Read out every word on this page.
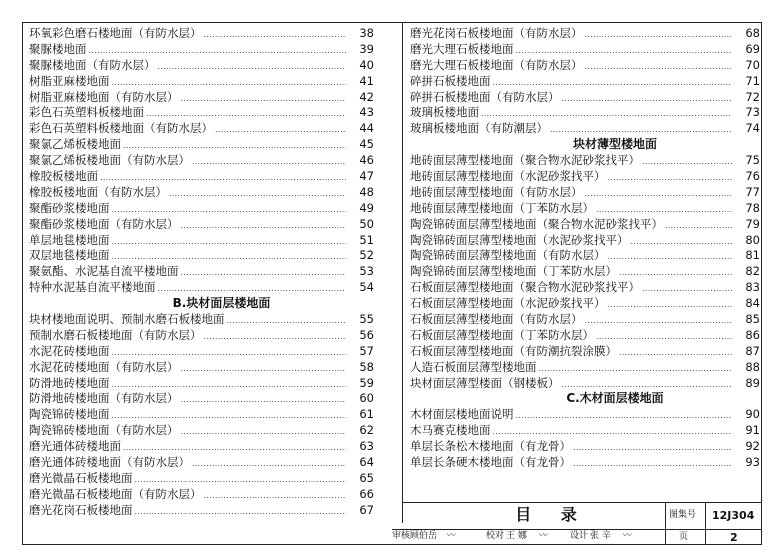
环氧彩色磨石楼地面（有防水层） .....	38
聚脲楼地面 .....	39
聚脲楼地面（有防水层） .....	40
树脂亚麻楼地面 .....	41
树脂亚麻楼地面（有防水层） .....	42
彩色石英塑料板楼地面 .....	43
彩色石英塑料板楼地面（有防水层） .....	44
聚氯乙烯板楼地面 .....	45
聚氯乙烯板楼地面（有防水层） .....	46
橡胶板楼地面 .....	47
橡胶板楼地面（有防水层） .....	48
聚酯砂浆楼地面 .....	49
聚酯砂浆楼地面（有防水层） .....	50
单层地毯楼地面 .....	51
双层地毯楼地面 .....	52
聚氨酯、水泥基自流平楼地面 .....	53
特种水泥基自流平楼地面 .....	54
B.块材面层楼地面
块材楼地面说明、预制水磨石板楼地面 .....	55
预制水磨石板楼地面（有防水层） .....	56
水泥花砖楼地面 .....	57
水泥花砖楼地面（有防水层） .....	58
防滑地砖楼地面 .....	59
防滑地砖楼地面（有防水层） .....	60
陶瓷锦砖楼地面 .....	61
陶瓷锦砖楼地面（有防水层） .....	62
磨光通体砖楼地面 .....	63
磨光通体砖楼地面（有防水层） .....	64
磨光微晶石板楼地面 .....	65
磨光微晶石板楼地面（有防水层） .....	66
磨光花岗石板楼地面 .....	67
磨光花岗石板楼地面（有防水层） .....	68
磨光大理石板楼地面 .....	69
磨光大理石板楼地面（有防水层） .....	70
碎拼石板楼地面 .....	71
碎拼石板楼地面（有防水层） .....	72
玻璃板楼地面 .....	73
玻璃板楼地面（有防潮层） .....	74
块材薄型楼地面
地砖面层薄型楼地面（聚合物水泥砂浆找平） .....	75
地砖面层薄型楼地面（水泥砂浆找平） .....	76
地砖面层薄型楼地面（有防水层） .....	77
地砖面层薄型楼地面（丁苯防水层） .....	78
陶瓷锦砖面层薄型楼地面（聚合物水泥砂浆找平） .....	79
陶瓷锦砖面层薄型楼地面（水泥砂浆找平） .....	80
陶瓷锦砖面层薄型楼地面（有防水层） .....	81
陶瓷锦砖面层薄型楼地面（丁苯防水层） .....	82
石板面层薄型楼地面（聚合物水泥砂浆找平） .....	83
石板面层薄型楼地面（水泥砂浆找平） .....	84
石板面层薄型楼地面（有防水层） .....	85
石板面层薄型楼地面（丁苯防水层） .....	86
石板面层薄型楼地面（有防潮抗裂涂膜） .....	87
人造石板面层薄型楼地面 .....	88
块材面层薄型楼面（钢楼板） .....	89
C.木材面层楼地面
木材面层楼地面说明 .....	90
木马赛克楼地面 .....	91
单层长条松木楼地面（有龙骨） .....	92
单层长条硬木楼地面（有龙骨） .....	93
目 录	图集号 12J304
页	2
审核 顾伯岳 〰︎	校对 王 娜	〰︎	设计 张 辛	〰︎
